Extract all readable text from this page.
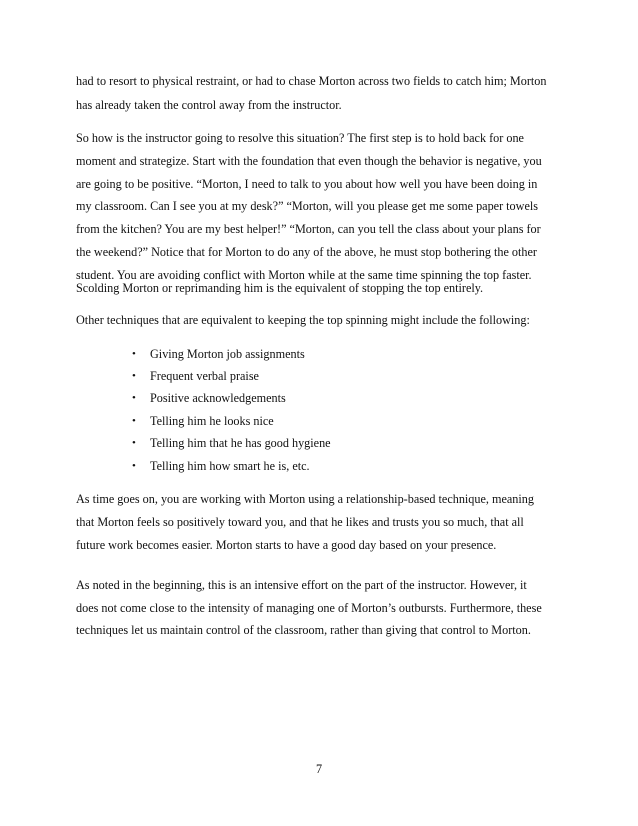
had to resort to physical restraint, or had to chase Morton across two fields to catch him; Morton
has already taken the control away from the instructor.
So how is the instructor going to resolve this situation? The first step is to hold back for one
moment and strategize. Start with the foundation that even though the behavior is negative, you
are going to be positive. “Morton, I need to talk to you about how well you have been doing in
my classroom. Can I see you at my desk?” “Morton, will you please get me some paper towels
from the kitchen? You are my best helper!” “Morton, can you tell the class about your plans for
the weekend?” Notice that for Morton to do any of the above, he must stop bothering the other
student. You are avoiding conflict with Morton while at the same time spinning the top faster.
Scolding Morton or reprimanding him is the equivalent of stopping the top entirely.
Other techniques that are equivalent to keeping the top spinning might include the following:
• Giving Morton job assignments
• Frequent verbal praise
• Positive acknowledgements
• Telling him he looks nice
• Telling him that he has good hygiene
• Telling him how smart he is, etc.
As time goes on, you are working with Morton using a relationship-based technique, meaning
that Morton feels so positively toward you, and that he likes and trusts you so much, that all
future work becomes easier. Morton starts to have a good day based on your presence.
As noted in the beginning, this is an intensive effort on the part of the instructor. However, it
does not come close to the intensity of managing one of Morton’s outbursts. Furthermore, these
techniques let us maintain control of the classroom, rather than giving that control to Morton.
7
